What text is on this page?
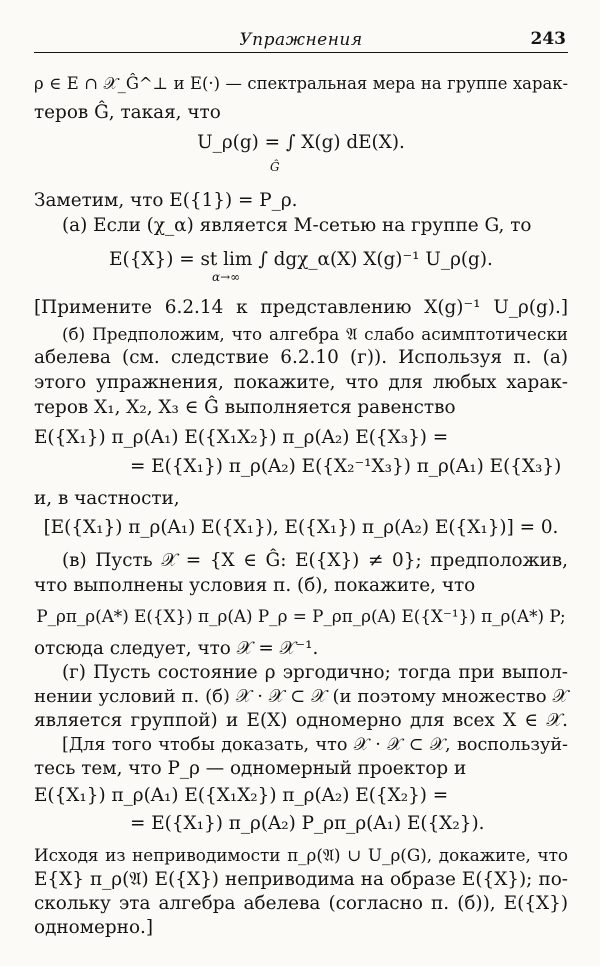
Упражнения	243
ρ ∈ E ∩ 𝒳_Ĝ^⊥ и E(·) — спектральная мера на группе харак-
теров Ĝ, такая, что
U_ρ(g) = ∫ X(g) dE(X).
Ĝ
Заметим, что E({1}) = P_ρ.
(а) Если (χ_α) является M-сетью на группе G, то
E({X}) = st lim ∫ dgχ_α(X) X(g)⁻¹ U_ρ(g).
α→∞
[Примените 6.2.14 к представлению X(g)⁻¹ U_ρ(g).]
(б) Предположим, что алгебра 𝔄 слабо асимптотически
абелева (см. следствие 6.2.10 (г)). Используя п. (а)
этого упражнения, покажите, что для любых харак-
теров X₁, X₂, X₃ ∈ Ĝ выполняется равенство
E({X₁}) π_ρ(A₁) E({X₁X₂}) π_ρ(A₂) E({X₃}) =
= E({X₁}) π_ρ(A₂) E({X₂⁻¹X₃}) π_ρ(A₁) E({X₃})
и, в частности,
[E({X₁}) π_ρ(A₁) E({X₁}), E({X₁}) π_ρ(A₂) E({X₁})] = 0.
(в) Пусть 𝒳 = {X ∈ Ĝ: E({X}) ≠ 0}; предположив,
что выполнены условия п. (б), покажите, что
P_ρπ_ρ(A*) E({X}) π_ρ(A) P_ρ = P_ρπ_ρ(A) E({X⁻¹}) π_ρ(A*) P;
отсюда следует, что 𝒳 = 𝒳⁻¹.
(г) Пусть состояние ρ эргодично; тогда при выпол-
нении условий п. (б) 𝒳 · 𝒳 ⊂ 𝒳 (и поэтому множество 𝒳
является группой) и E(X) одномерно для всех X ∈ 𝒳.
[Для того чтобы доказать, что 𝒳 · 𝒳 ⊂ 𝒳, воспользуй-
тесь тем, что P_ρ — одномерный проектор и
E({X₁}) π_ρ(A₁) E({X₁X₂}) π_ρ(A₂) E({X₂}) =
= E({X₁}) π_ρ(A₂) P_ρπ_ρ(A₁) E({X₂}).
Исходя из неприводимости π_ρ(𝔄) ∪ U_ρ(G), докажите, что
E{X} π_ρ(𝔄) E({X}) неприводима на образе E({X}); по-
скольку эта алгебра абелева (согласно п. (б)), E({X})
одномерно.]
